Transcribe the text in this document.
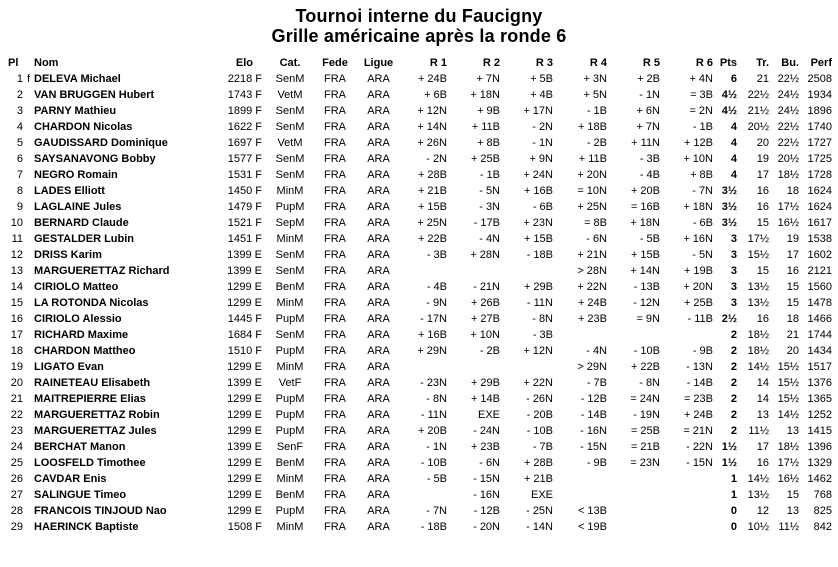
Tournoi interne du Faucigny
Grille américaine après la ronde 6
Pl		Nom	Elo	Cat.	Fede	Ligue	R 1	R 2	R 3	R 4	R 5	R 6	Pts	Tr.	Bu.	Perf
1	f	DELEVA Michael	2218 F	SenM	FRA	ARA	+ 24B	+ 7N	+ 5B	+ 3N	+ 2B	+ 4N	6	21	22½	2508
2		VAN BRUGGEN Hubert	1743 F	VetM	FRA	ARA	+ 6B	+ 18N	+ 4B	+ 5N	- 1N	= 3B	4½	22½	24½	1934
3		PARNY Mathieu	1899 F	SenM	FRA	ARA	+ 12N	+ 9B	+ 17N	- 1B	+ 6N	= 2N	4½	21½	24½	1896
4		CHARDON Nicolas	1622 F	SenM	FRA	ARA	+ 14N	+ 11B	- 2N	+ 18B	+ 7N	- 1B	4	20½	22½	1740
5		GAUDISSARD Dominique	1697 F	VetM	FRA	ARA	+ 26N	+ 8B	- 1N	- 2B	+ 11N	+ 12B	4	20	22½	1727
6		SAYSANAVONG Bobby	1577 F	SenM	FRA	ARA	- 2N	+ 25B	+ 9N	+ 11B	- 3B	+ 10N	4	19	20½	1725
7		NEGRO Romain	1531 F	SenM	FRA	ARA	+ 28B	- 1B	+ 24N	+ 20N	- 4B	+ 8B	4	17	18½	1728
8		LADES Elliott	1450 F	MinM	FRA	ARA	+ 21B	- 5N	+ 16B	= 10N	+ 20B	- 7N	3½	16	18	1624
9		LAGLAINE Jules	1479 F	PupM	FRA	ARA	+ 15B	- 3N	- 6B	+ 25N	= 16B	+ 18N	3½	16	17½	1624
10		BERNARD Claude	1521 F	SepM	FRA	ARA	+ 25N	- 17B	+ 23N	= 8B	+ 18N	- 6B	3½	15	16½	1617
11		GESTALDER Lubin	1451 F	MinM	FRA	ARA	+ 22B	- 4N	+ 15B	- 6N	- 5B	+ 16N	3	17½	19	1538
12		DRISS Karim	1399 E	SenM	FRA	ARA	- 3B	+ 28N	- 18B	+ 21N	+ 15B	- 5N	3	15½	17	1602
13		MARGUERETTAZ Richard	1399 E	SenM	FRA	ARA				> 28N	+ 14N	+ 19B	3	15	16	2121
14		CIRIOLO Matteo	1299 E	BenM	FRA	ARA	- 4B	- 21N	+ 29B	+ 22N	- 13B	+ 20N	3	13½	15	1560
15		LA ROTONDA Nicolas	1299 E	MinM	FRA	ARA	- 9N	+ 26B	- 11N	+ 24B	- 12N	+ 25B	3	13½	15	1478
16		CIRIOLO Alessio	1445 F	PupM	FRA	ARA	- 17N	+ 27B	- 8N	+ 23B	= 9N	- 11B	2½	16	18	1466
17		RICHARD Maxime	1684 F	SenM	FRA	ARA	+ 16B	+ 10N	- 3B				2	18½	21	1744
18		CHARDON Mattheo	1510 F	PupM	FRA	ARA	+ 29N	- 2B	+ 12N	- 4N	- 10B	- 9B	2	18½	20	1434
19		LIGATO Evan	1299 E	MinM	FRA	ARA				> 29N	+ 22B	- 13N	2	14½	15½	1517
20		RAINETEAU Elisabeth	1399 E	VetF	FRA	ARA	- 23N	+ 29B	+ 22N	- 7B	- 8N	- 14B	2	14	15½	1376
21		MAITREPIERRE Elias	1299 E	PupM	FRA	ARA	- 8N	+ 14B	- 26N	- 12B	= 24N	= 23B	2	14	15½	1365
22		MARGUERETTAZ Robin	1299 E	PupM	FRA	ARA	- 11N	EXE	- 20B	- 14B	- 19N	+ 24B	2	13	14½	1252
23		MARGUERETTAZ Jules	1299 E	PupM	FRA	ARA	+ 20B	- 24N	- 10B	- 16N	= 25B	= 21N	2	11½	13	1415
24		BERCHAT Manon	1399 E	SenF	FRA	ARA	- 1N	+ 23B	- 7B	- 15N	= 21B	- 22N	1½	17	18½	1396
25		LOOSFELD Timothee	1299 E	BenM	FRA	ARA	- 10B	- 6N	+ 28B	- 9B	= 23N	- 15N	1½	16	17½	1329
26		CAVDAR Enis	1299 E	MinM	FRA	ARA	- 5B	- 15N	+ 21B				1	14½	16½	1462
27		SALINGUE Timeo	1299 E	BenM	FRA	ARA		- 16N	EXE				1	13½	15	768
28		FRANCOIS TINJOUD Nao	1299 E	PupM	FRA	ARA	- 7N	- 12B	- 25N	< 13B			0	12	13	825
29		HAERINCK Baptiste	1508 F	MinM	FRA	ARA	- 18B	- 20N	- 14N	< 19B			0	10½	11½	842
